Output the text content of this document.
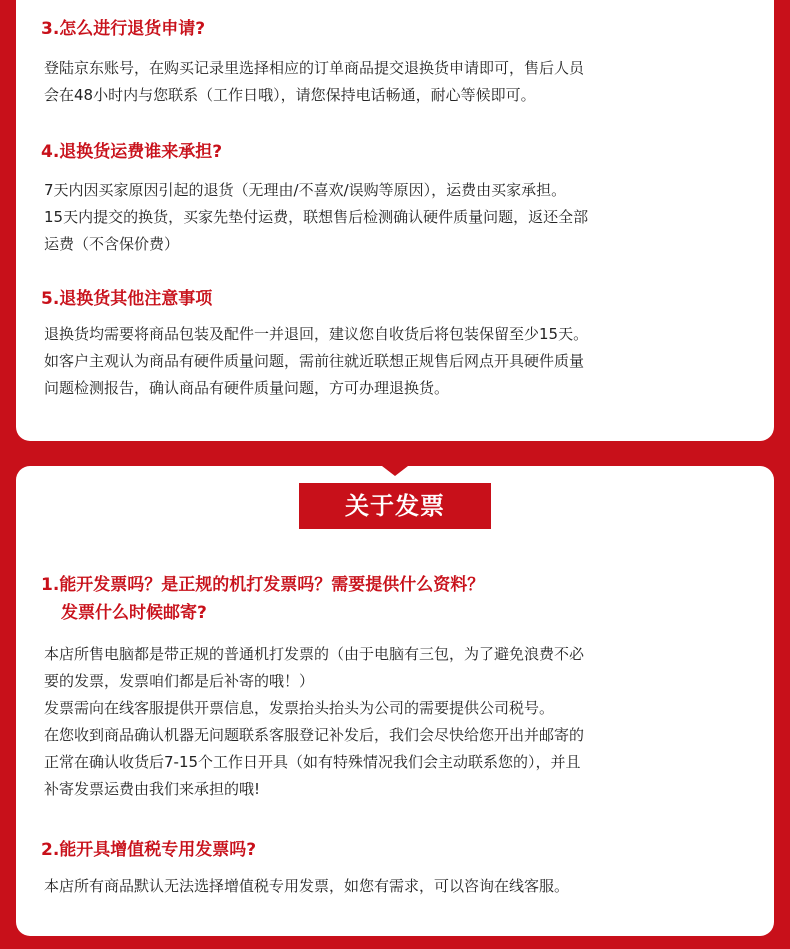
3.怎么进行退货申请?
登陆京东账号，在购买记录里选择相应的订单商品提交退换货申请即可，售后人员
会在48小时内与您联系（工作日哦），请您保持电话畅通，耐心等候即可。
4.退换货运费谁来承担?
7天内因买家原因引起的退货（无理由/不喜欢/误购等原因），运费由买家承担。
15天内提交的换货，买家先垫付运费，联想售后检测确认硬件质量问题，返还全部
运费（不含保价费）
5.退换货其他注意事项
退换货均需要将商品包装及配件一并退回，建议您自收货后将包装保留至少15天。
如客户主观认为商品有硬件质量问题，需前往就近联想正规售后网点开具硬件质量
问题检测报告，确认商品有硬件质量问题，方可办理退换货。
1.能开发票吗？是正规的机打发票吗？需要提供什么资料？
发票什么时候邮寄?
本店所售电脑都是带正规的普通机打发票的（由于电脑有三包，为了避免浪费不必
要的发票，发票咱们都是后补寄的哦！）
发票需向在线客服提供开票信息，发票抬头抬头为公司的需要提供公司税号。
在您收到商品确认机器无问题联系客服登记补发后，我们会尽快给您开出并邮寄的
正常在确认收货后7-15个工作日开具（如有特殊情况我们会主动联系您的），并且
补寄发票运费由我们来承担的哦!
2.能开具增值税专用发票吗?
本店所有商品默认无法选择增值税专用发票，如您有需求，可以咨询在线客服。
关于发票
